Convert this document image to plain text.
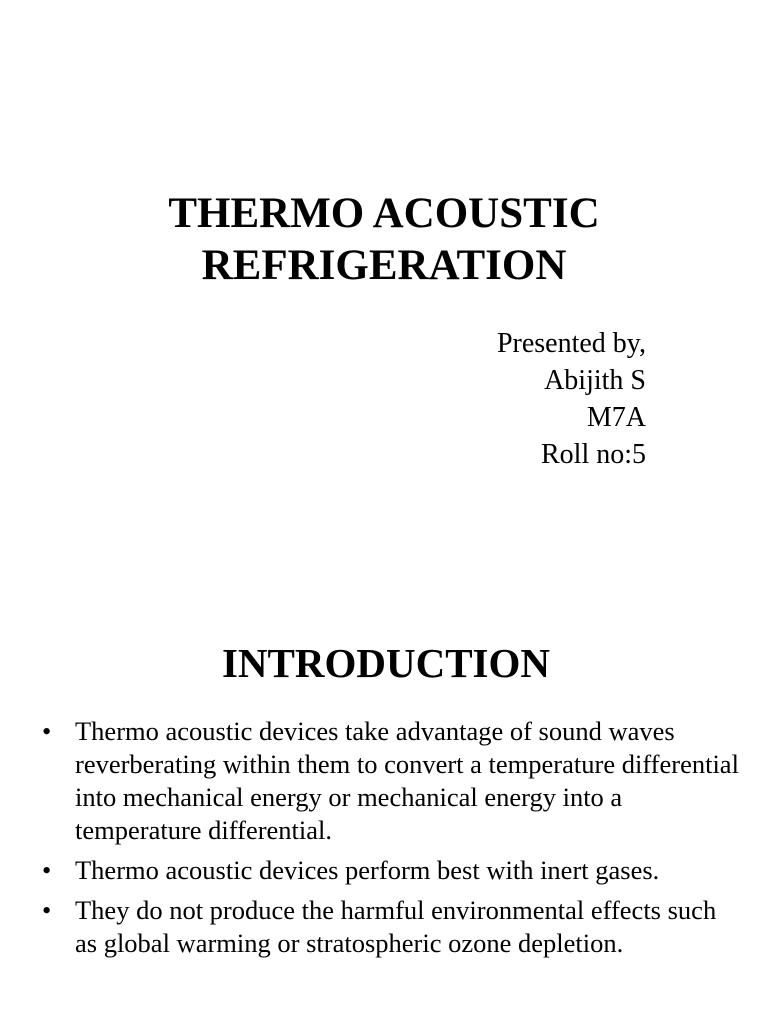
THERMO ACOUSTIC
REFRIGERATION
Presented by,
Abijith S
M7A
Roll no:5
INTRODUCTION
• Thermo acoustic devices take advantage of sound waves reverberating within them to convert a temperature differential into mechanical energy or mechanical energy into a temperature differential.
• Thermo acoustic devices perform best with inert gases.
• They do not produce the harmful environmental effects such as global warming or stratospheric ozone depletion.
